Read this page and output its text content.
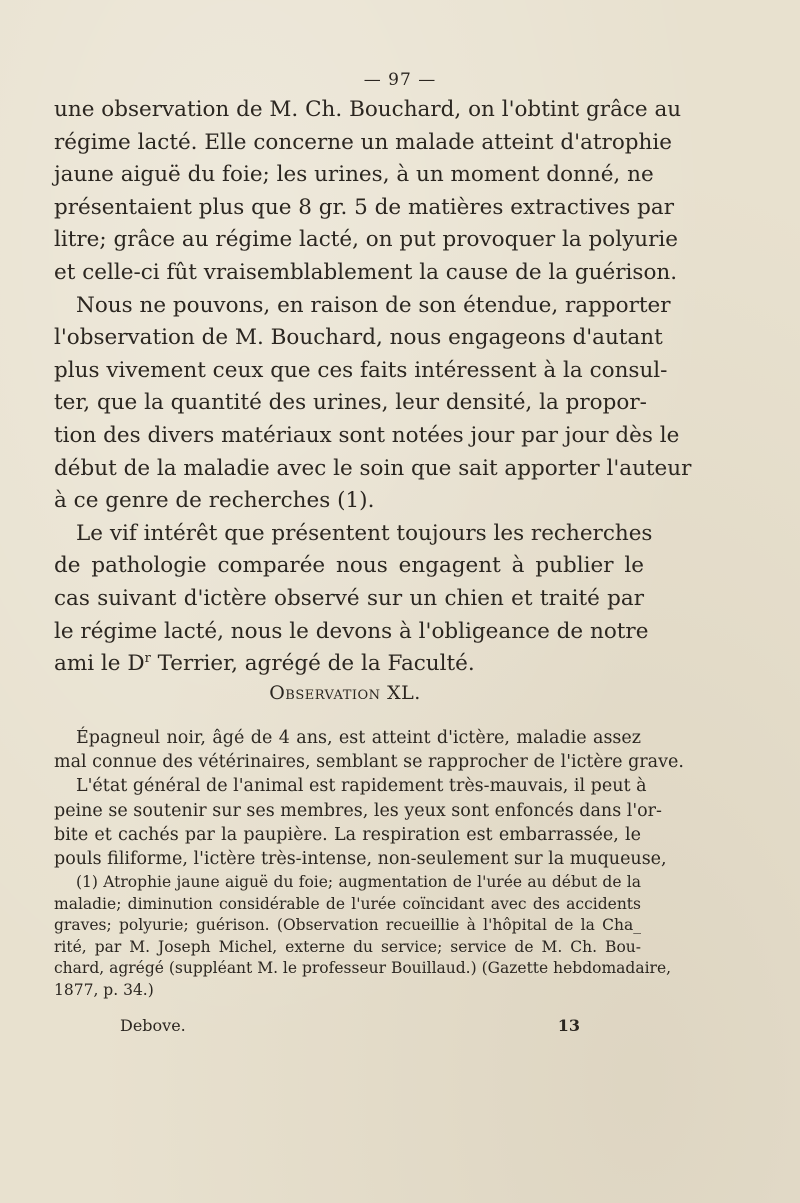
— 97 —
une observation de M. Ch. Bouchard, on l'obtint grâce au
régime lacté. Elle concerne un malade atteint d'atrophie
jaune aiguë du foie; les urines, à un moment donné, ne
présentaient plus que 8 gr. 5 de matières extractives par
litre; grâce au régime lacté, on put provoquer la polyurie
et celle-ci fût vraisemblablement la cause de la guérison.
Nous ne pouvons, en raison de son étendue, rapporter
l'observation de M. Bouchard, nous engageons d'autant
plus vivement ceux que ces faits intéressent à la consul-
ter, que la quantité des urines, leur densité, la propor-
tion des divers matériaux sont notées jour par jour dès le
début de la maladie avec le soin que sait apporter l'auteur
à ce genre de recherches (1).
Le vif intérêt que présentent toujours les recherches
de pathologie comparée nous engagent à publier le
cas suivant d'ictère observé sur un chien et traité par
le régime lacté, nous le devons à l'obligeance de notre
ami le $D^r$ Terrier, agrégé de la Faculté.
Observation XL.
Épagneul noir, âgé de 4 ans, est atteint d'ictère, maladie assez
mal connue des vétérinaires, semblant se rapprocher de l'ictère grave.
L'état général de l'animal est rapidement très-mauvais, il peut à
peine se soutenir sur ses membres, les yeux sont enfoncés dans l'or-
bite et cachés par la paupière. La respiration est embarrassée, le
pouls filiforme, l'ictère très-intense, non-seulement sur la muqueuse,
(1) Atrophie jaune aiguë du foie; augmentation de l'urée au début de la
maladie; diminution considérable de l'urée coïncidant avec des accidents
graves; polyurie; guérison. (Observation recueillie à l'hôpital de la Cha_
rité, par M. Joseph Michel, externe du service; service de M. Ch. Bou-
chard, agrégé (suppléant M. le professeur Bouillaud.) (Gazette hebdomadaire,
1877, p. 34.)
Debove.	13
